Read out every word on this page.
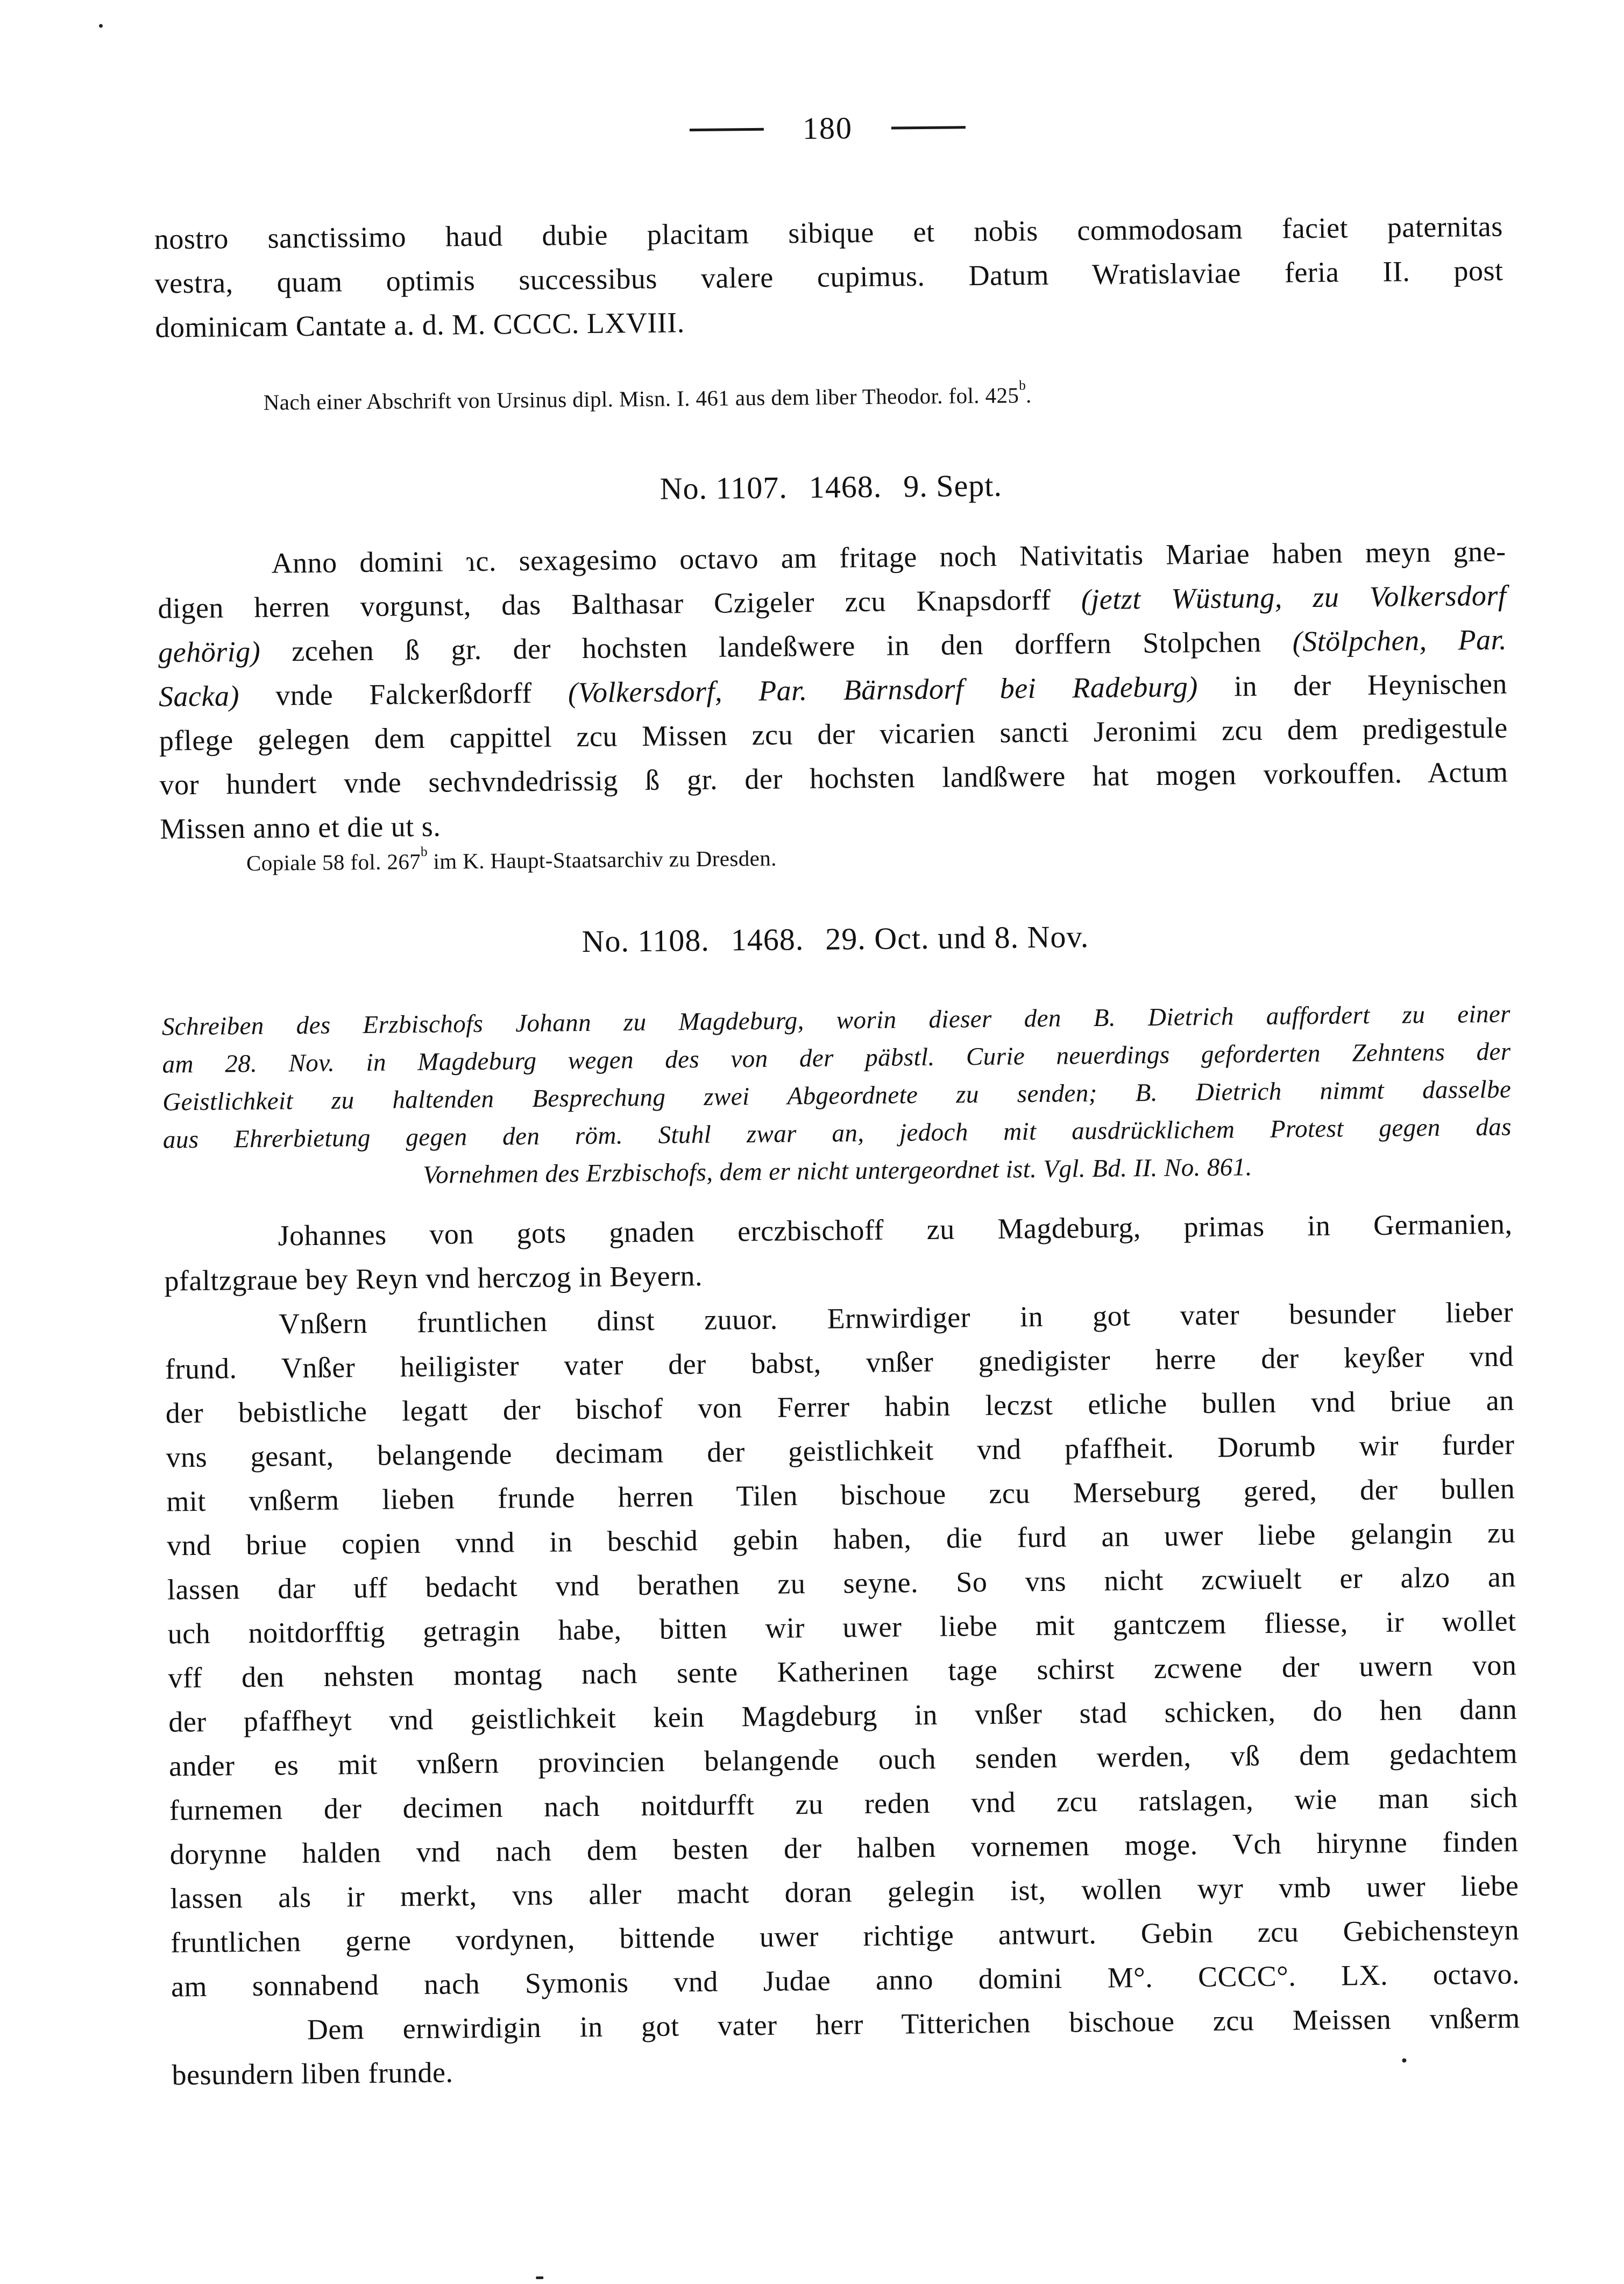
180
nostro sanctissimo haud dubie placitam sibique et nobis commodosam faciet paternitas
vestra, quam optimis successibus valere cupimus. Datum Wratislaviae feria II. post
dominicam Cantate a. d. M. CCCC. LXVIII.
Nach einer Abschrift von Ursinus dipl. Misn. I. 461 aus dem liber Theodor. fol. 425$^b$.
No. 1107. 1468. 9. Sept.
Anno domini ɿc. sexagesimo octavo am fritage noch Nativitatis Mariae haben meyn gne-
digen herren vorgunst, das Balthasar Czigeler zcu Knapsdorff (jetzt Wüstung, zu Volkersdorf
gehörig) zcehen ß gr. der hochsten landeßwere in den dorffern Stolpchen (Stölpchen, Par.
Sacka) vnde Falckerßdorff (Volkersdorf, Par. Bärnsdorf bei Radeburg) in der Heynischen
pflege gelegen dem cappittel zcu Missen zcu der vicarien sancti Jeronimi zcu dem predigestule
vor hundert vnde sechvndedrissig ß gr. der hochsten landßwere hat mogen vorkouffen. Actum
Missen anno et die ut s.
Copiale 58 fol. 267$^b$ im K. Haupt-Staatsarchiv zu Dresden.
No. 1108. 1468. 29. Oct. und 8. Nov.
Schreiben des Erzbischofs Johann zu Magdeburg, worin dieser den B. Dietrich auffordert zu einer
am 28. Nov. in Magdeburg wegen des von der päbstl. Curie neuerdings geforderten Zehntens der
Geistlichkeit zu haltenden Besprechung zwei Abgeordnete zu senden; B. Dietrich nimmt dasselbe
aus Ehrerbietung gegen den röm. Stuhl zwar an, jedoch mit ausdrücklichem Protest gegen das
Vornehmen des Erzbischofs, dem er nicht untergeordnet ist. Vgl. Bd. II. No. 861.
Johannes von gots gnaden erczbischoff zu Magdeburg, primas in Germanien,
pfaltzgraue bey Reyn vnd herczog in Beyern.
Vnßern fruntlichen dinst zuuor. Ernwirdiger in got vater besunder lieber
frund. Vnßer heiligister vater der babst, vnßer gnedigister herre der keyßer vnd
der bebistliche legatt der bischof von Ferrer habin leczst etliche bullen vnd briue an
vns gesant, belangende decimam der geistlichkeit vnd pfaffheit. Dorumb wir furder
mit vnßerm lieben frunde herren Tilen bischoue zcu Merseburg gered, der bullen
vnd briue copien vnnd in beschid gebin haben, die furd an uwer liebe gelangin zu
lassen dar uff bedacht vnd berathen zu seyne. So vns nicht zcwiuelt er alzo an
uch noitdorfftig getragin habe, bitten wir uwer liebe mit gantczem fliesse, ir wollet
vff den nehsten montag nach sente Katherinen tage schirst zcwene der uwern von
der pfaffheyt vnd geistlichkeit kein Magdeburg in vnßer stad schicken, do hen dann
ander es mit vnßern provincien belangende ouch senden werden, vß dem gedachtem
furnemen der decimen nach noitdurfft zu reden vnd zcu ratslagen, wie man sich
dorynne halden vnd nach dem besten der halben vornemen moge. Vch hirynne finden
lassen als ir merkt, vns aller macht doran gelegin ist, wollen wyr vmb uwer liebe
fruntlichen gerne vordynen, bittende uwer richtige antwurt. Gebin zcu Gebichensteyn
am sonnabend nach Symonis vnd Judae anno domini M°. CCCC°. LX. octavo.
Dem ernwirdigin in got vater herr Titterichen bischoue zcu Meissen vnßerm
besundern liben frunde.
